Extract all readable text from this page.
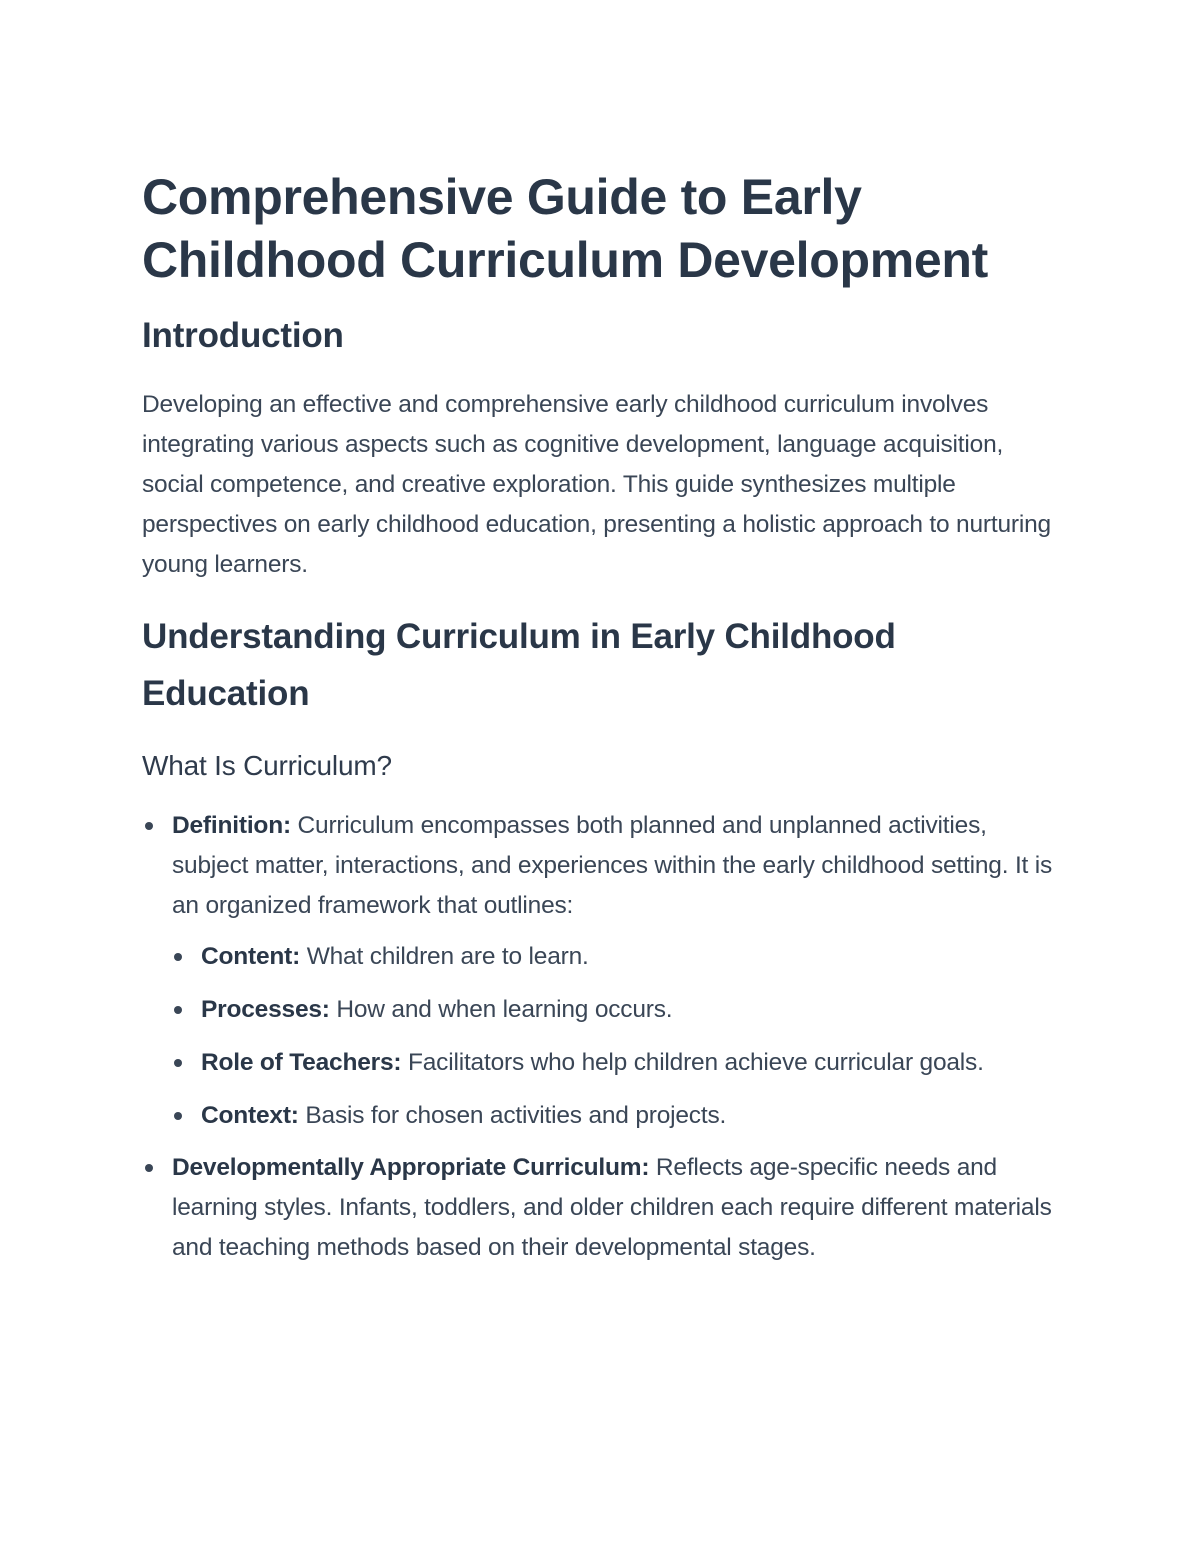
Comprehensive Guide to Early Childhood Curriculum Development
Introduction

Developing an effective and comprehensive early childhood curriculum involves integrating various aspects such as cognitive development, language acquisition, social competence, and creative exploration. This guide synthesizes multiple perspectives on early childhood education, presenting a holistic approach to nurturing young learners.

Understanding Curriculum in Early Childhood Education
What Is Curriculum?
Definition: Curriculum encompasses both planned and unplanned activities, subject matter, interactions, and experiences within the early childhood setting. It is an organized framework that outlines:
Content: What children are to learn.
Processes: How and when learning occurs.
Role of Teachers: Facilitators who help children achieve curricular goals.
Context: Basis for chosen activities and projects.
Developmentally Appropriate Curriculum: Reflects age-specific needs and learning styles. Infants, toddlers, and older children each require different materials and teaching methods based on their developmental stages.
